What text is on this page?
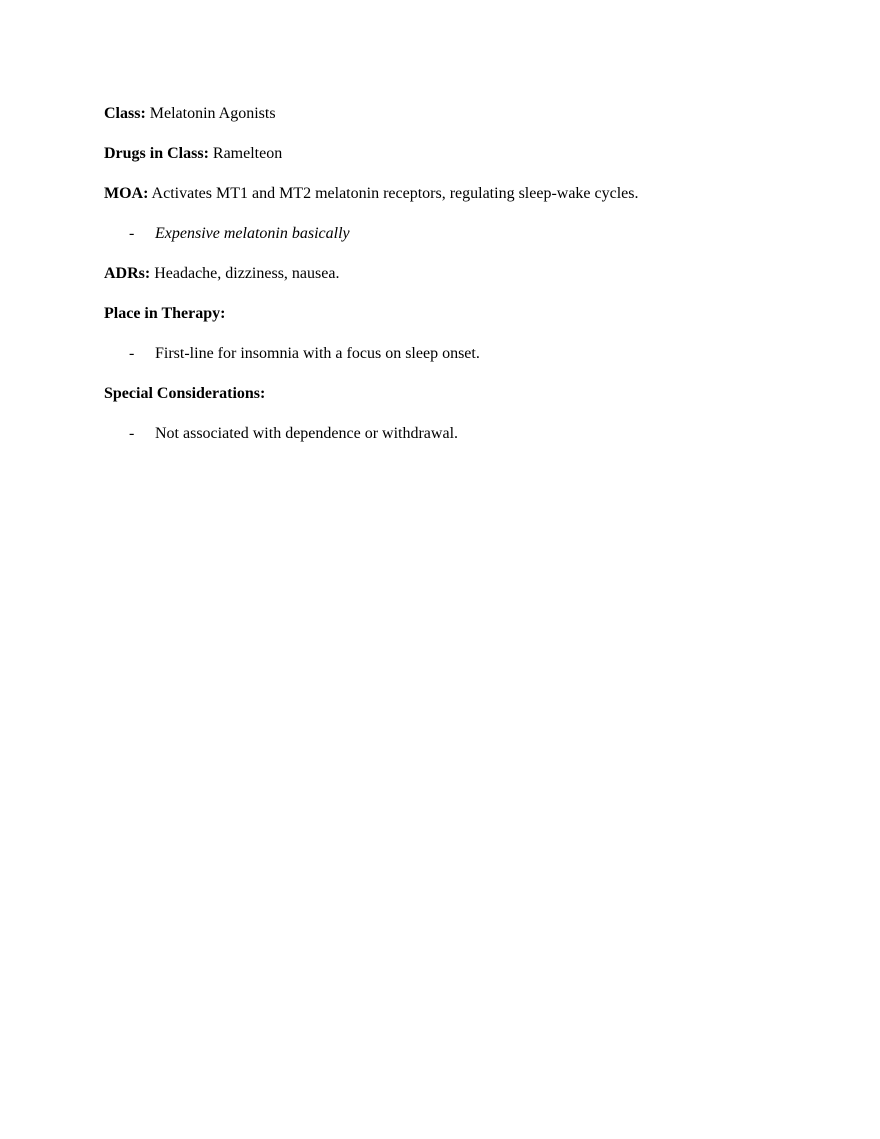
Class: Melatonin Agonists
Drugs in Class: Ramelteon
MOA: Activates MT1 and MT2 melatonin receptors, regulating sleep-wake cycles.
- Expensive melatonin basically
ADRs: Headache, dizziness, nausea.
Place in Therapy:
- First-line for insomnia with a focus on sleep onset.
Special Considerations:
- Not associated with dependence or withdrawal.
